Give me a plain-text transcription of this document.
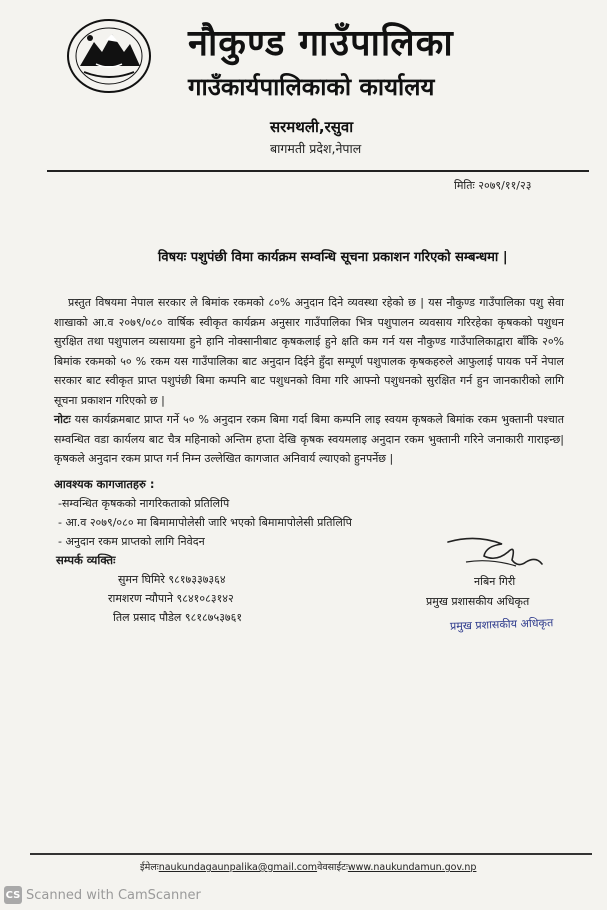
नौकुण्ड गाउँपालिका
गाउँकार्यपालिकाको कार्यालय
सरमथली,रसुवा
बागमती प्रदेश,नेपाल
मितिः २०७९/११/२३
विषयः पशुपंछी विमा कार्यक्रम सम्वन्धि सूचना प्रकाशन गरिएको सम्बन्धमा |

प्रस्तुत विषयमा नेपाल सरकार ले बिमांक रकमको ८०% अनुदान दिने व्यवस्था रहेको छ | यस नौकुण्ड गाउँपालिका पशु सेवा शाखाको आ.व २०७९/०८० वार्षिक स्वीकृत कार्यक्रम अनुसार गाउँपालिका भित्र पशुपालन व्यवसाय गरिरहेका कृषकको पशुधन सुरक्षित तथा पशुपालन व्यसायमा हुने हानि नोक्सानीबाट कृषकलाई हुने क्षति कम गर्न यस नौकुण्ड गाउँपालिकाद्वारा बाँकि २०% बिमांक रकमको ५० % रकम यस गाउँपालिका बाट अनुदान दिईने हुँदा सम्पूर्ण पशुपालक कृषकहरुले आफुलाई पायक पर्ने नेपाल सरकार बाट स्वीकृत प्राप्त पशुपंछी बिमा कम्पनि बाट पशुधनको विमा गरि आफ्नो पशुधनको सुरक्षित गर्न हुन जानकारीको लागि सूचना प्रकाशन गरिएको छ |

नोटः यस कार्यक्रमबाट प्राप्त गर्ने ५० % अनुदान रकम बिमा गर्दा बिमा कम्पनि लाइ स्वयम कृषकले बिमांक रकम भुक्तानी पश्चात सम्वन्धित वडा कार्यलय बाट चैत्र महिनाको अन्तिम हप्ता देखि कृषक स्वयमलाइ अनुदान रकम भुक्तानी गरिने जनाकारी गाराइन्छ| कृषकले अनुदान रकम प्राप्त गर्न निम्न उल्लेखित कागजात अनिवार्य ल्याएको हुनपर्नेछ |

आवश्यक कागजातहरु :
-सम्वन्धित कृषकको नागरिकताको प्रतिलिपि
- आ.व २०७९/०८० मा बिमामापोलेसी जारि भएको बिमामापोलेसी प्रतिलिपि
- अनुदान रकम प्राप्तको लागि निवेदन
सम्पर्क व्यक्तिः
सुमन घिमिरे ९८१७३३७३६४
रामशरण न्यौपाने ९८४१०८३१४२
तिल प्रसाद पौडेल ९८१८७५३७६१
नबिन गिरी
प्रमुख प्रशासकीय अधिकृत
प्रमुख प्रशासकीय अधिकृत
ईमेलःnaukundagaunpalika@gmail.comवेवसाईटःwww.naukundamun.gov.np
CS Scanned with CamScanner
